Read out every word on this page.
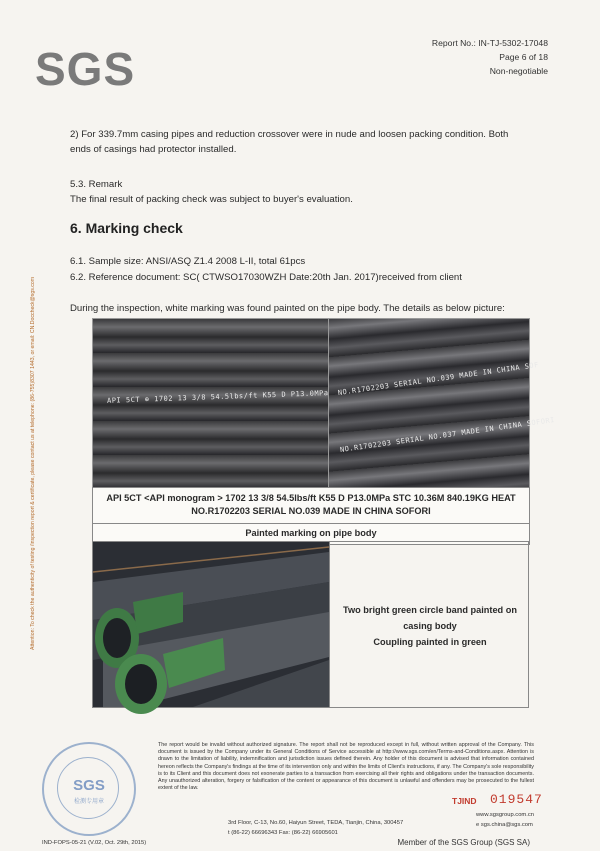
SGS	Report No.: IN-TJ-5302-17048
Page 6 of 18
Non-negotiable
Attention: To check the authenticity of testing /inspection report & certificate, please contact us at telephone: (86-755)8307 1443, or email: CN.Doccheck@sgs.com
2) For 339.7mm casing pipes and reduction crossover were in nude and loosen packing condition. Both ends of casings had protector installed.
5.3. Remark
The final result of packing check was subject to buyer's evaluation.
6. Marking check
6.1. Sample size: ANSI/ASQ Z1.4 2008 L-II, total 61pcs
6.2. Reference document: SC( CTWSO17030WZH Date:20th Jan. 2017)received from client
During the inspection, white marking was found painted on the pipe body. The details as below picture:
API 5CT ⊕ 1702 13 3/8 54.5lbs/ft K55 D P13.0MPa NO.R1702203 SERIAL NO.039 MADE IN CHINA SOF
NO.R1702203 SERIAL NO.037 MADE IN CHINA SOFORI
API 5CT <API monogram > 1702 13 3/8 54.5lbs/ft K55 D P13.0MPa STC 10.36M 840.19KG HEAT
NO.R1702203 SERIAL NO.039 MADE IN CHINA SOFORI
Painted marking on pipe body
Two bright green circle band painted on
casing body
Coupling painted in green
SGS
检测专用章
The report would be invalid without authorized signature. The report shall not be reproduced except in full, without written approval of the Company. This document is issued by the Company under its General Conditions of Service accessible at http://www.sgs.com/en/Terms-and-Conditions.aspx. Attention is drawn to the limitation of liability, indemnification and jurisdiction issues defined therein. Any holder of this document is advised that information contained hereon reflects the Company's findings at the time of its intervention only and within the limits of Client's instructions, if any. The Company's sole responsibility is to its Client and this document does not exonerate parties to a transaction from exercising all their rights and obligations under the transaction documents. Any unauthorized alteration, forgery or falsification of the content or appearance of this document is unlawful and offenders may be prosecuted to the fullest extent of the law.
TJIND 019547
3rd Floor, C-13, No.60, Haiyun Street, TEDA, Tianjin, China, 300457
t (86-22) 66696343 Fax: (86-22) 66905601
www.sgsgroup.com.cn
e sgs.china@sgs.com
IND-FOPS-05-21 (V.02, Oct. 29th, 2015)	Member of the SGS Group (SGS SA)
